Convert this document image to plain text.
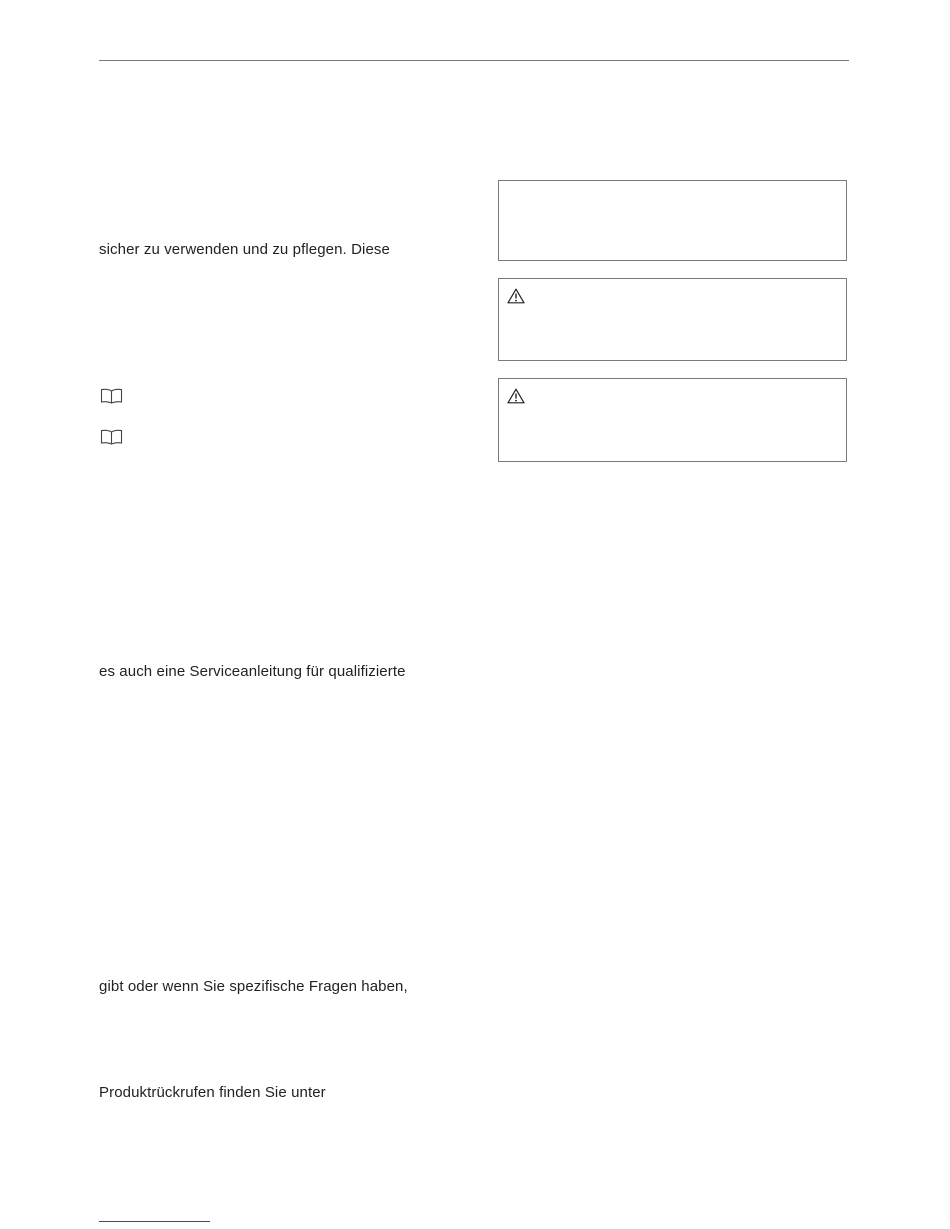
sicher zu verwenden und zu pflegen. Diese
es auch eine Serviceanleitung für qualifizierte
gibt oder wenn Sie spezifische Fragen haben,
Produktrückrufen finden Sie unter
